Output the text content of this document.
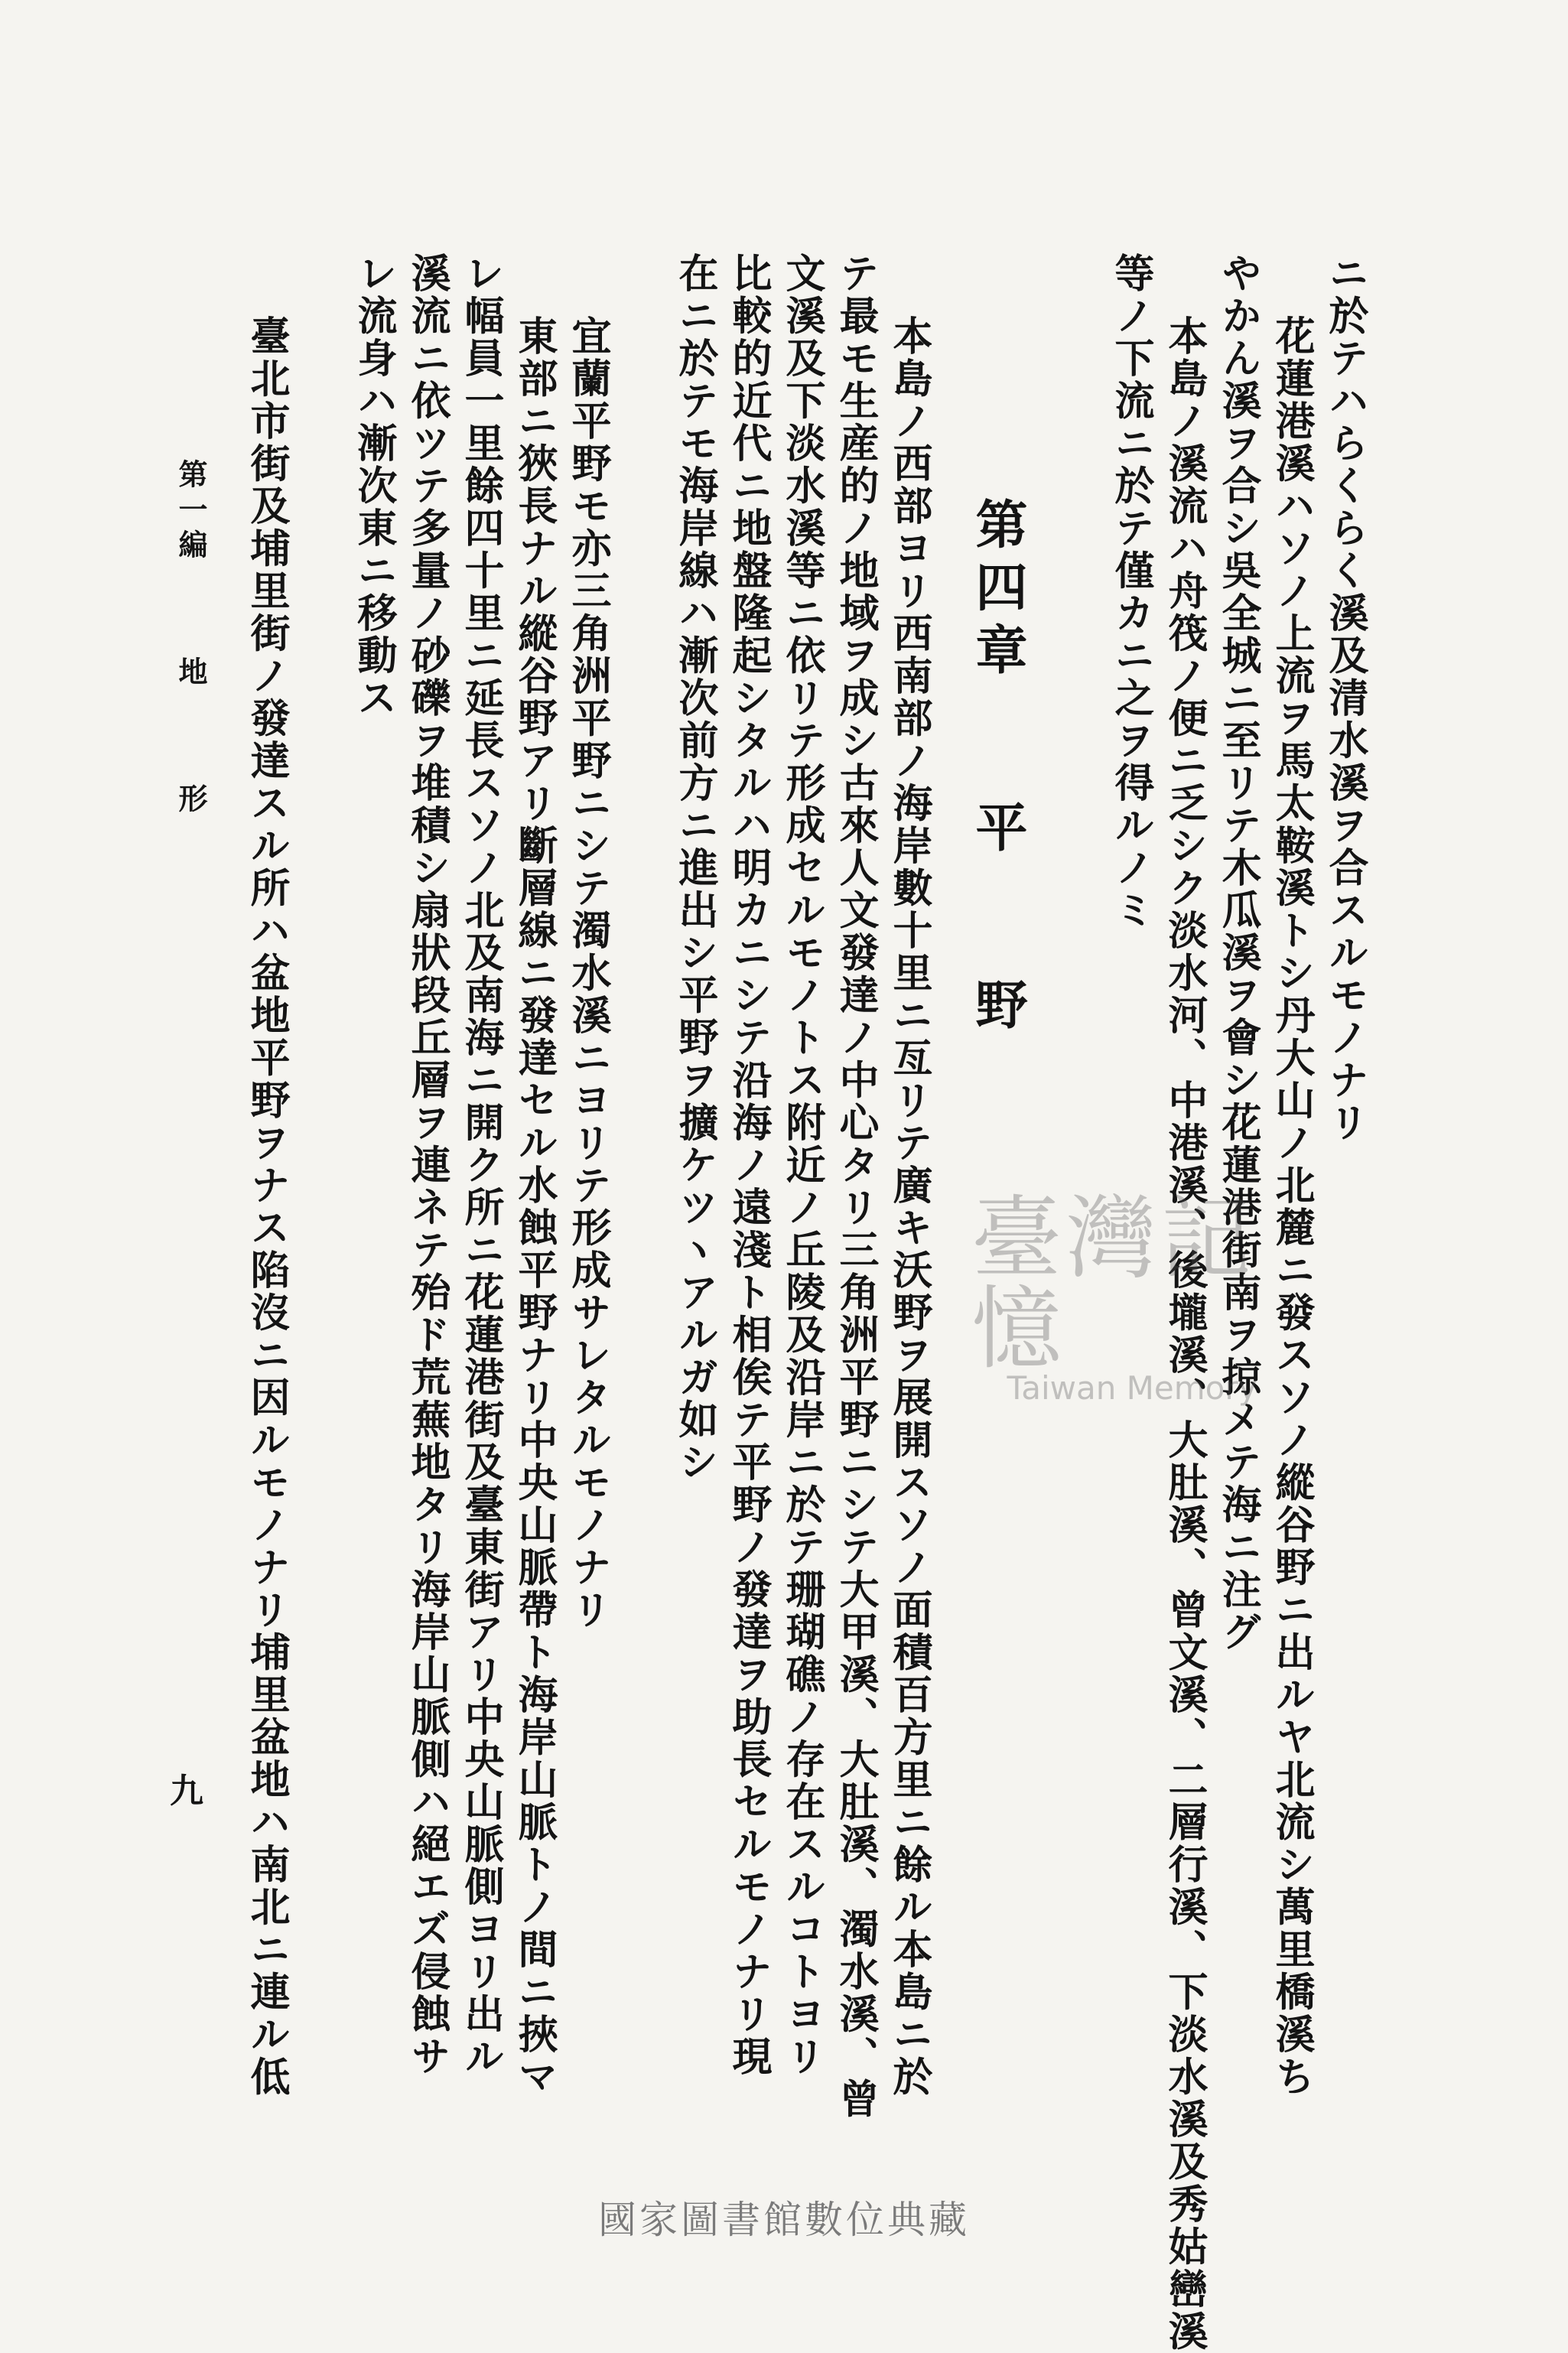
ニ於テハらくらく溪及清水溪ヲ合スルモノナリ
花蓮港溪ハソノ上流ヲ馬太鞍溪トシ丹大山ノ北麓ニ發スソノ縱谷野ニ出ルヤ北流シ萬里橋溪ち
やかん溪ヲ合シ吳全城ニ至リテ木瓜溪ヲ會シ花蓮港街南ヲ掠メテ海ニ注グ
本島ノ溪流ハ舟筏ノ便ニ乏シク淡水河、中港溪、後壠溪、大肚溪、曾文溪、二層行溪、下淡水溪及秀姑巒溪
等ノ下流ニ於テ僅カニ之ヲ得ルノミ
第四章平野
本島ノ西部ヨリ西南部ノ海岸數十里ニ亙リテ廣キ沃野ヲ展開スソノ面積百方里ニ餘ル本島ニ於
テ最モ生産的ノ地域ヲ成シ古來人文發達ノ中心タリ三角洲平野ニシテ大甲溪、大肚溪、濁水溪、曾
文溪及下淡水溪等ニ依リテ形成セルモノトス附近ノ丘陵及沿岸ニ於テ珊瑚礁ノ存在スルコトヨリ
比較的近代ニ地盤隆起シタルハ明カニシテ沿海ノ遠淺ト相俟テ平野ノ發達ヲ助長セルモノナリ現
在ニ於テモ海岸線ハ漸次前方ニ進出シ平野ヲ擴ケツヽアルガ如シ
宜蘭平野モ亦三角洲平野ニシテ濁水溪ニヨリテ形成サレタルモノナリ
東部ニ狹長ナル縱谷野アリ斷層線ニ發達セル水蝕平野ナリ中央山脈帶ト海岸山脈トノ間ニ挾マ
レ幅員一里餘四十里ニ延長スソノ北及南海ニ開ク所ニ花蓮港街及臺東街アリ中央山脈側ヨリ出ル
溪流ニ依ツテ多量ノ砂礫ヲ堆積シ扇狀段丘層ヲ連ネテ殆ド荒蕪地タリ海岸山脈側ハ絕エズ侵蝕サ
レ流身ハ漸次東ニ移動ス
臺北市街及埔里街ノ發達スル所ハ盆地平野ヲナス陷沒ニ因ルモノナリ埔里盆地ハ南北ニ連ル低
第一編地形
九
臺灣記憶
Taiwan Memory
國家圖書館數位典藏
